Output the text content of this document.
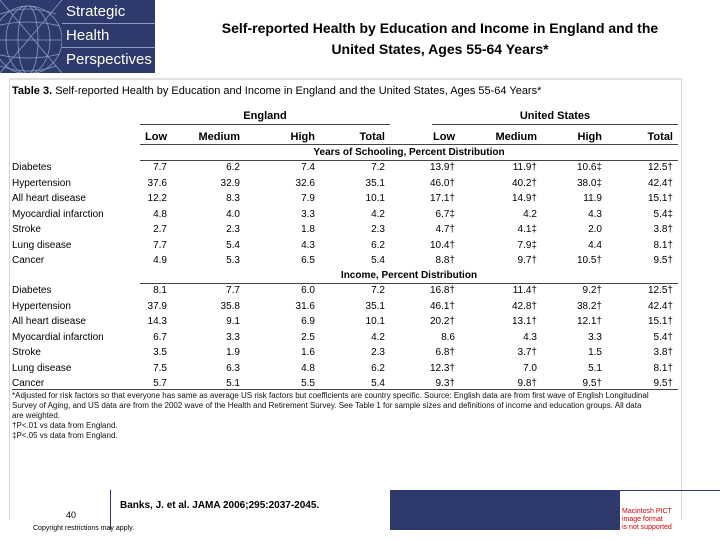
Strategic
Health
Perspectives
Self-reported Health by Education and Income in England and the
United States, Ages 55-64 Years*
Table 3. Self-reported Health by Education and Income in England and the United States, Ages 55-64 Years*
England	United States
Low	Medium	High	Total	Low	Medium	High	Total
Years of Schooling, Percent Distribution
Diabetes	7.7	6.2	7.4	7.2	13.9†	11.9†	10.6‡	12.5†
Hypertension	37.6	32.9	32.6	35.1	46.0†	40.2†	38.0‡	42.4†
All heart disease	12.2	8.3	7.9	10.1	17.1†	14.9†	11.9	15.1†
Myocardial infarction	4.8	4.0	3.3	4.2	6.7‡	4.2	4.3	5.4‡
Stroke	2.7	2.3	1.8	2.3	4.7†	4.1‡	2.0	3.8†
Lung disease	7.7	5.4	4.3	6.2	10.4†	7.9‡	4.4	8.1†
Cancer	4.9	5.3	6.5	5.4	8.8†	9.7†	10.5†	9.5†
Income, Percent Distribution
Diabetes	8.1	7.7	6.0	7.2	16.8†	11.4†	9.2†	12.5†
Hypertension	37.9	35.8	31.6	35.1	46.1†	42.8†	38.2†	42.4†
All heart disease	14.3	9.1	6.9	10.1	20.2†	13.1†	12.1†	15.1†
Myocardial infarction	6.7	3.3	2.5	4.2	8.6	4.3	3.3	5.4†
Stroke	3.5	1.9	1.6	2.3	6.8†	3.7†	1.5	3.8†
Lung disease	7.5	6.3	4.8	6.2	12.3†	7.0	5.1	8.1†
Cancer	5.7	5.1	5.5	5.4	9.3†	9.8†	9.5†	9.5†
*Adjusted for risk factors so that everyone has same as average US risk factors but coefficients are country specific. Source: English data are from first wave of English Longitudinal
Survey of Aging, and US data are from the 2002 wave of the Health and Retirement Survey. See Table 1 for sample sizes and definitions of income and education groups. All data
are weighted.
†P<.01 vs data from England.
‡P<.05 vs data from England.
40
Banks, J. et al. JAMA 2006;295:2037-2045.
Copyright restrictions may apply.
Macintosh PICT
image format
is not supported
